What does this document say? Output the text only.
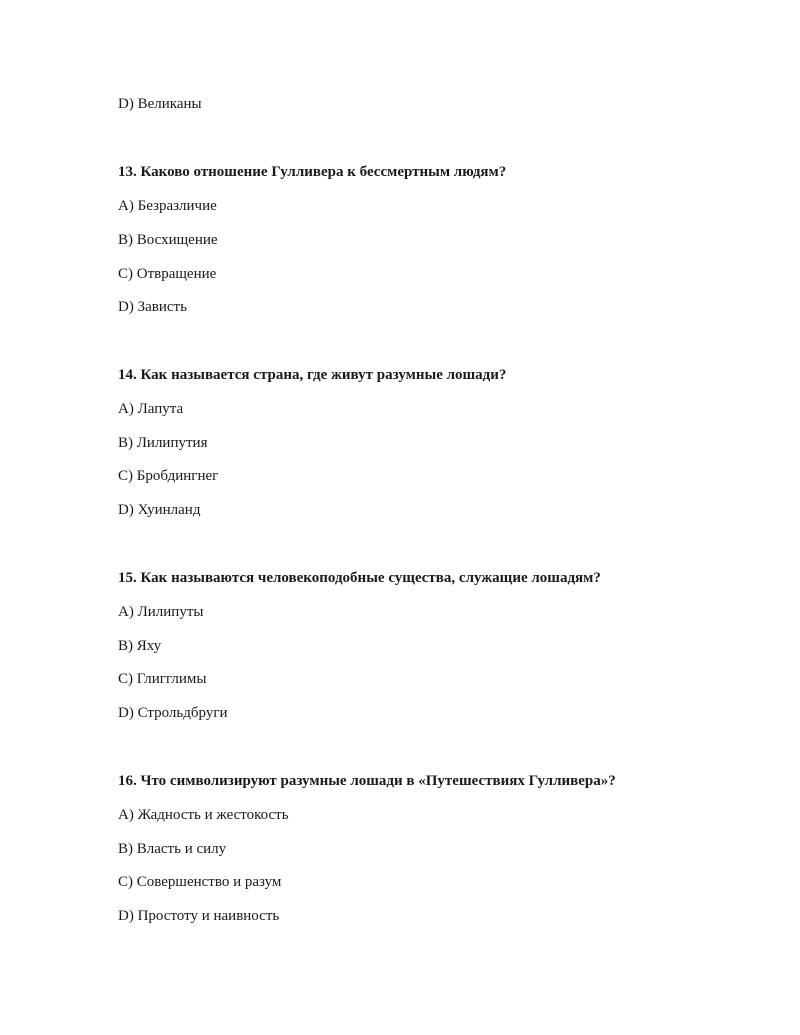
D) Великаны
13. Каково отношение Гулливера к бессмертным людям?
A) Безразличие
B) Восхищение
C) Отвращение
D) Зависть
14. Как называется страна, где живут разумные лошади?
A) Лапута
B) Лилипутия
C) Бробдингнег
D) Хуинланд
15. Как называются человекоподобные существа, служащие лошадям?
A) Лилипуты
B) Яху
C) Глигглимы
D) Строльдбруги
16. Что символизируют разумные лошади в «Путешествиях Гулливера»?
A) Жадность и жестокость
B) Власть и силу
C) Совершенство и разум
D) Простоту и наивность
